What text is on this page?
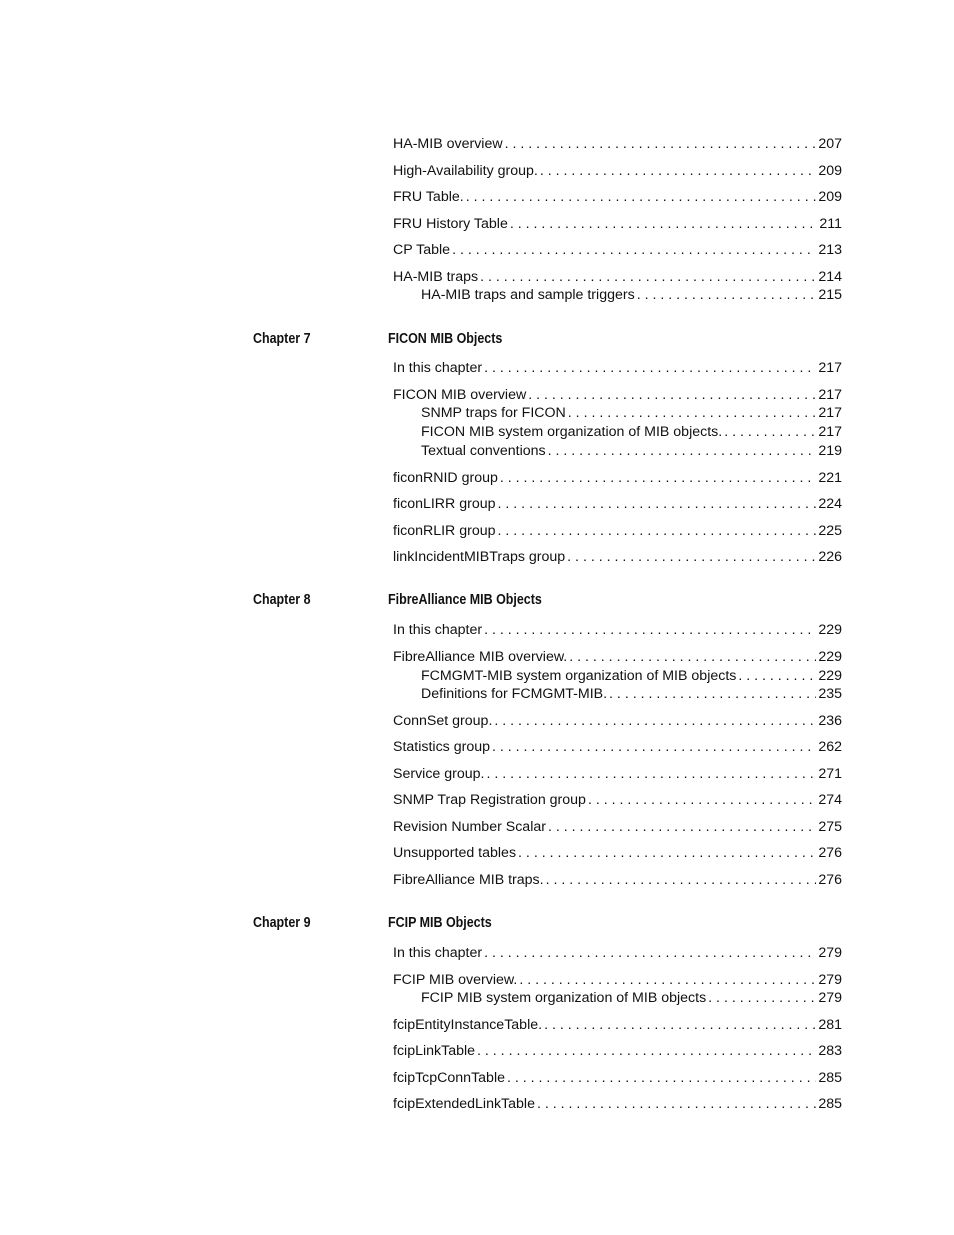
HA-MIB overview . . .	207
High-Availability group. . . .	209
FRU Table. . . .	209
FRU History Table . . .	211
CP Table . . .	213
HA-MIB traps . . .	214
HA-MIB traps and sample triggers . . .	215
Chapter 7	FICON MIB Objects
In this chapter . . .	217
FICON MIB overview . . .	217
SNMP traps for FICON . . .	217
FICON MIB system organization of MIB objects. . . .	217
Textual conventions . . .	219
ficonRNID group . . .	221
ficonLIRR group . . .	224
ficonRLIR group . . .	225
linkIncidentMIBTraps group . . .	226
Chapter 8	FibreAlliance MIB Objects
In this chapter . . .	229
FibreAlliance MIB overview. . . .	229
FCMGMT-MIB system organization of MIB objects . . .	229
Definitions for FCMGMT-MIB. . . .	235
ConnSet group. . . .	236
Statistics group . . .	262
Service group. . . .	271
SNMP Trap Registration group . . .	274
Revision Number Scalar . . .	275
Unsupported tables . . .	276
FibreAlliance MIB traps. . . .	276
Chapter 9	FCIP MIB Objects
In this chapter . . .	279
FCIP MIB overview. . . .	279
FCIP MIB system organization of MIB objects . . .	279
fcipEntityInstanceTable. . . .	281
fcipLinkTable . . .	283
fcipTcpConnTable . . .	285
fcipExtendedLinkTable . . .	285
